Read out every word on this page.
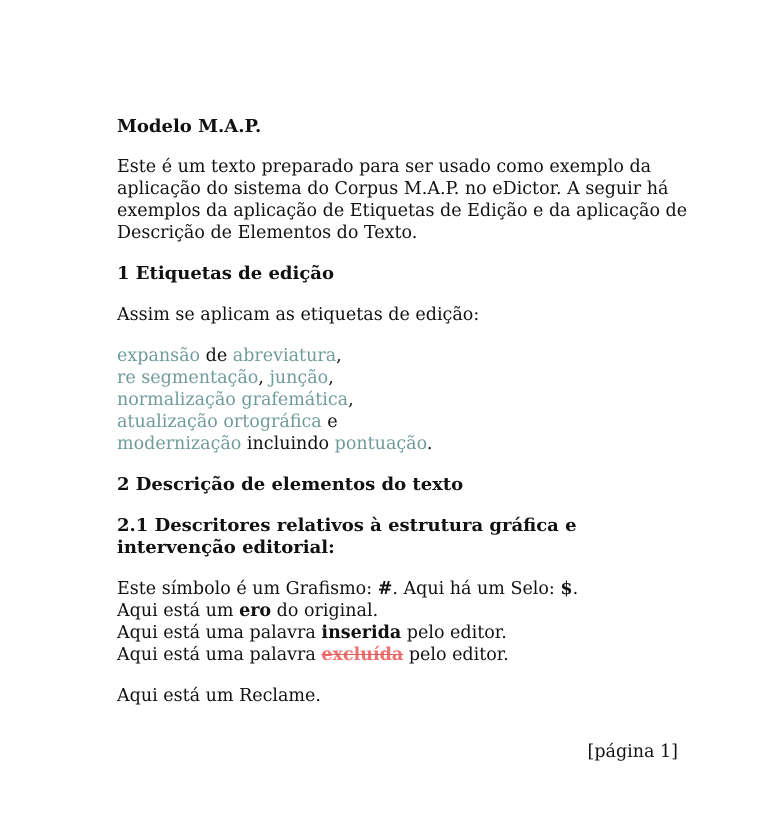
Modelo M.A.P.
Este é um texto preparado para ser usado como exemplo da
aplicação do sistema do Corpus M.A.P. no eDictor. A seguir há
exemplos da aplicação de Etiquetas de Edição e da aplicação de
Descrição de Elementos do Texto.
1 Etiquetas de edição
Assim se aplicam as etiquetas de edição:
expansão de abreviatura,
re segmentação, junção,
normalização grafemática,
atualização ortográfica e
modernização incluindo pontuação.
2 Descrição de elementos do texto
2.1 Descritores relativos à estrutura gráfica e
intervenção editorial:
Este símbolo é um Grafismo: #. Aqui há um Selo: $.
Aqui está um ero do original.
Aqui está uma palavra inserida pelo editor.
Aqui está uma palavra excluída pelo editor.
Aqui está um Reclame.
[página 1]
